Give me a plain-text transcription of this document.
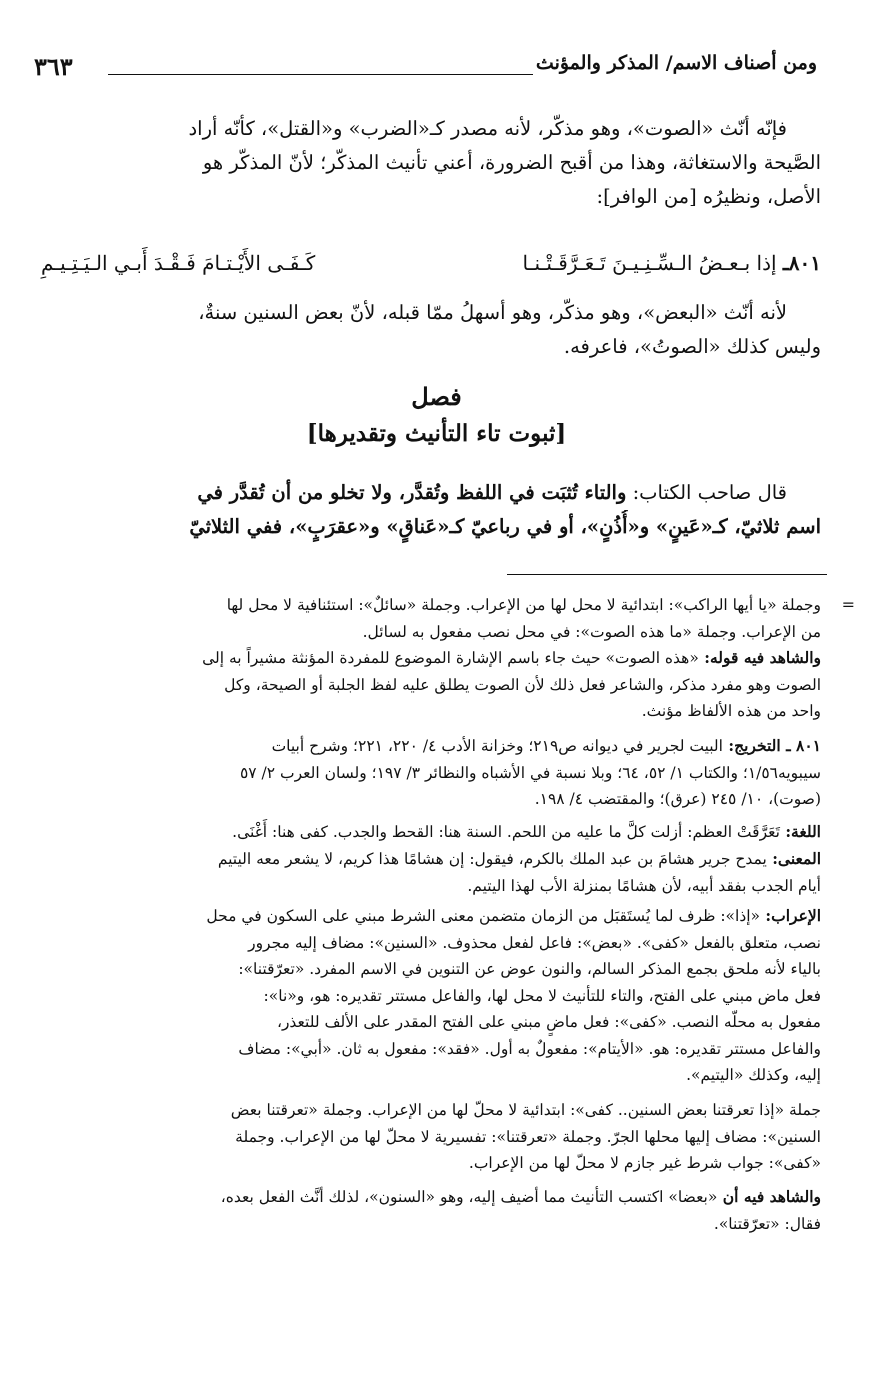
ومن أصناف الاسم/ المذكر والمؤنث
٣٦٣
فإنّه أنّث «الصوت»، وهو مذكّر، لأنه مصدر كـ«الضرب» و«القتل»، كأنّه أراد
الصَّيحة والاستغاثة، وهذا من أقبح الضرورة، أعني تأنيث المذكّر؛ لأنّ المذكّر هو
الأصل، ونظيرُه [من الوافر]:
٨٠١ـ إذا بـعـضُ الـسِّـنِـيـنَ تَـعَـرَّقَـتْـنـا
كَـفَـى الأَيْـتـامَ فَـقْـدَ أَبـي الـيَـتِـيـمِ
لأنه أنّث «البعض»، وهو مذكّر، وهو أسهلُ ممّا قبله، لأنّ بعض السنين سنةٌ،
وليس كذلك «الصوتُ»، فاعرفه.
فصل
[ثبوت تاء التأنيث وتقديرها]
قال صاحب الكتاب: والتاء تُثبَت في اللفظ وتُقدَّر، ولا تخلو من أن تُقدَّر في
اسم ثلاثيّ، كـ«عَينٍ» و«أُذُنٍ»، أو في رباعيّ كـ«عَناقٍ» و«عقرَبٍ»، ففي الثلاثيّ
=
وجملة «يا أيها الراكب»: ابتدائية لا محل لها من الإعراب. وجملة «سائلٌ»: استئنافية لا محل لها
من الإعراب. وجملة «ما هذه الصوت»: في محل نصب مفعول به لسائل.
والشاهد فيه قوله: «هذه الصوت» حيث جاء باسم الإشارة الموضوع للمفردة المؤنثة مشيراً به إلى
الصوت وهو مفرد مذكر، والشاعر فعل ذلك لأن الصوت يطلق عليه لفظ الجلبة أو الصيحة، وكل
واحد من هذه الألفاظ مؤنث.
٨٠١ ـ التخريج: البيت لجرير في ديوانه ص٢١٩؛ وخزانة الأدب ٤/ ٢٢٠، ٢٢١؛ وشرح أبيات
سيبويه١/٥٦؛ والكتاب ١/ ٥٢، ٦٤؛ وبلا نسبة في الأشباه والنظائر ٣/ ١٩٧؛ ولسان العرب ٢/ ٥٧
(صوت)، ١٠/ ٢٤٥ (عرق)؛ والمقتضب ٤/ ١٩٨.
اللغة: تَعَرَّقَتْ العظم: أزلت كلَّ ما عليه من اللحم. السنة هنا: القحط والجدب. كفى هنا: أَغْنَى.
المعنى: يمدح جرير هشامَ بن عبد الملك بالكرم، فيقول: إن هشامًا هذا كريم، لا يشعر معه اليتيم
أيام الجدب بفقد أبيه، لأن هشامًا بمنزلة الأب لهذا اليتيم.
الإعراب: «إذا»: ظرف لما يُستَقبَل من الزمان متضمن معنى الشرط مبني على السكون في محل
نصب، متعلق بالفعل «كفى». «بعض»: فاعل لفعل محذوف. «السنين»: مضاف إليه مجرور
بالياء لأنه ملحق بجمع المذكر السالم، والنون عوض عن التنوين في الاسم المفرد. «تعرّقتنا»:
فعل ماض مبني على الفتح، والتاء للتأنيث لا محل لها، والفاعل مستتر تقديره: هو، و«نا»:
مفعول به محلّه النصب. «كفى»: فعل ماضٍ مبني على الفتح المقدر على الألف للتعذر،
والفاعل مستتر تقديره: هو. «الأيتام»: مفعولٌ به أول. «فقد»: مفعول به ثان. «أبي»: مضاف
إليه، وكذلك «اليتيم».
جملة «إذا تعرقتنا بعض السنين.. كفى»: ابتدائية لا محلّ لها من الإعراب. وجملة «تعرقتنا بعض
السنين»: مضاف إليها محلها الجرّ. وجملة «تعرقتنا»: تفسيرية لا محلّ لها من الإعراب. وجملة
«كفى»: جواب شرط غير جازم لا محلّ لها من الإعراب.
والشاهد فيه أن «بعضا» اكتسب التأنيث مما أضيف إليه، وهو «السنون»، لذلك أنَّث الفعل بعده،
فقال: «تعرّقتنا».
